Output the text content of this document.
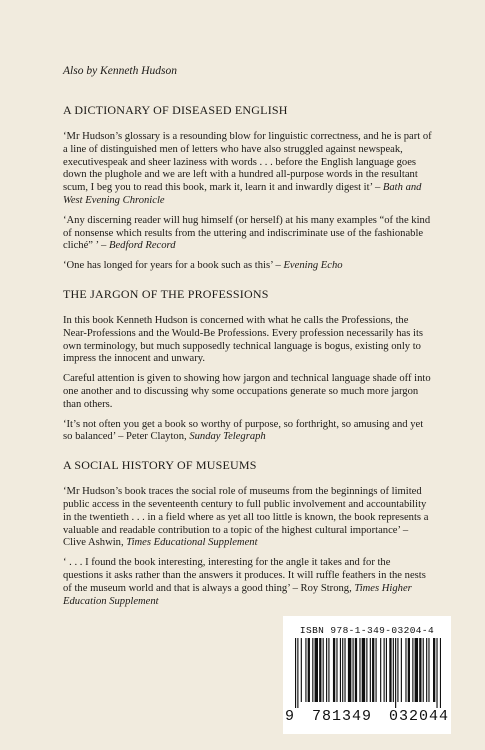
Also by Kenneth Hudson
A DICTIONARY OF DISEASED ENGLISH

‘Mr Hudson’s glossary is a resounding blow for linguistic correctness, and he is part of a line of distinguished men of letters who have also struggled against newspeak, executivespeak and sheer laziness with words . . . before the English language goes down the plughole and we are left with a hundred all-purpose words in the resultant scum, I beg you to read this book, mark it, learn it and inwardly digest it’ – Bath and West Evening Chronicle

‘Any discerning reader will hug himself (or herself) at his many examples “of the kind of nonsense which results from the uttering and indiscriminate use of the fashionable cliché” ’ – Bedford Record

‘One has longed for years for a book such as this’ – Evening Echo

THE JARGON OF THE PROFESSIONS

In this book Kenneth Hudson is concerned with what he calls the Professions, the Near-Professions and the Would-Be Professions. Every profession necessarily has its own terminology, but much supposedly technical language is bogus, existing only to impress the innocent and unwary.

Careful attention is given to showing how jargon and technical language shade off into one another and to discussing why some occupations generate so much more jargon than others.

‘It’s not often you get a book so worthy of purpose, so forthright, so amusing and yet so balanced’ – Peter Clayton, Sunday Telegraph

A SOCIAL HISTORY OF MUSEUMS

‘Mr Hudson’s book traces the social role of museums from the beginnings of limited public access in the seventeenth century to full public involvement and accountability in the twentieth . . . in a field where as yet all too little is known, the book represents a valuable and readable contribution to a topic of the highest cultural importance’ – Clive Ashwin, Times Educational Supplement

‘ . . . I found the book interesting, interesting for the angle it takes and for the questions it asks rather than the answers it produces. It will ruffle feathers in the nests of the museum world and that is always a good thing’ – Roy Strong, Times Higher Education Supplement

ISBN 978-1-349-03204-4
9 781349 032044
